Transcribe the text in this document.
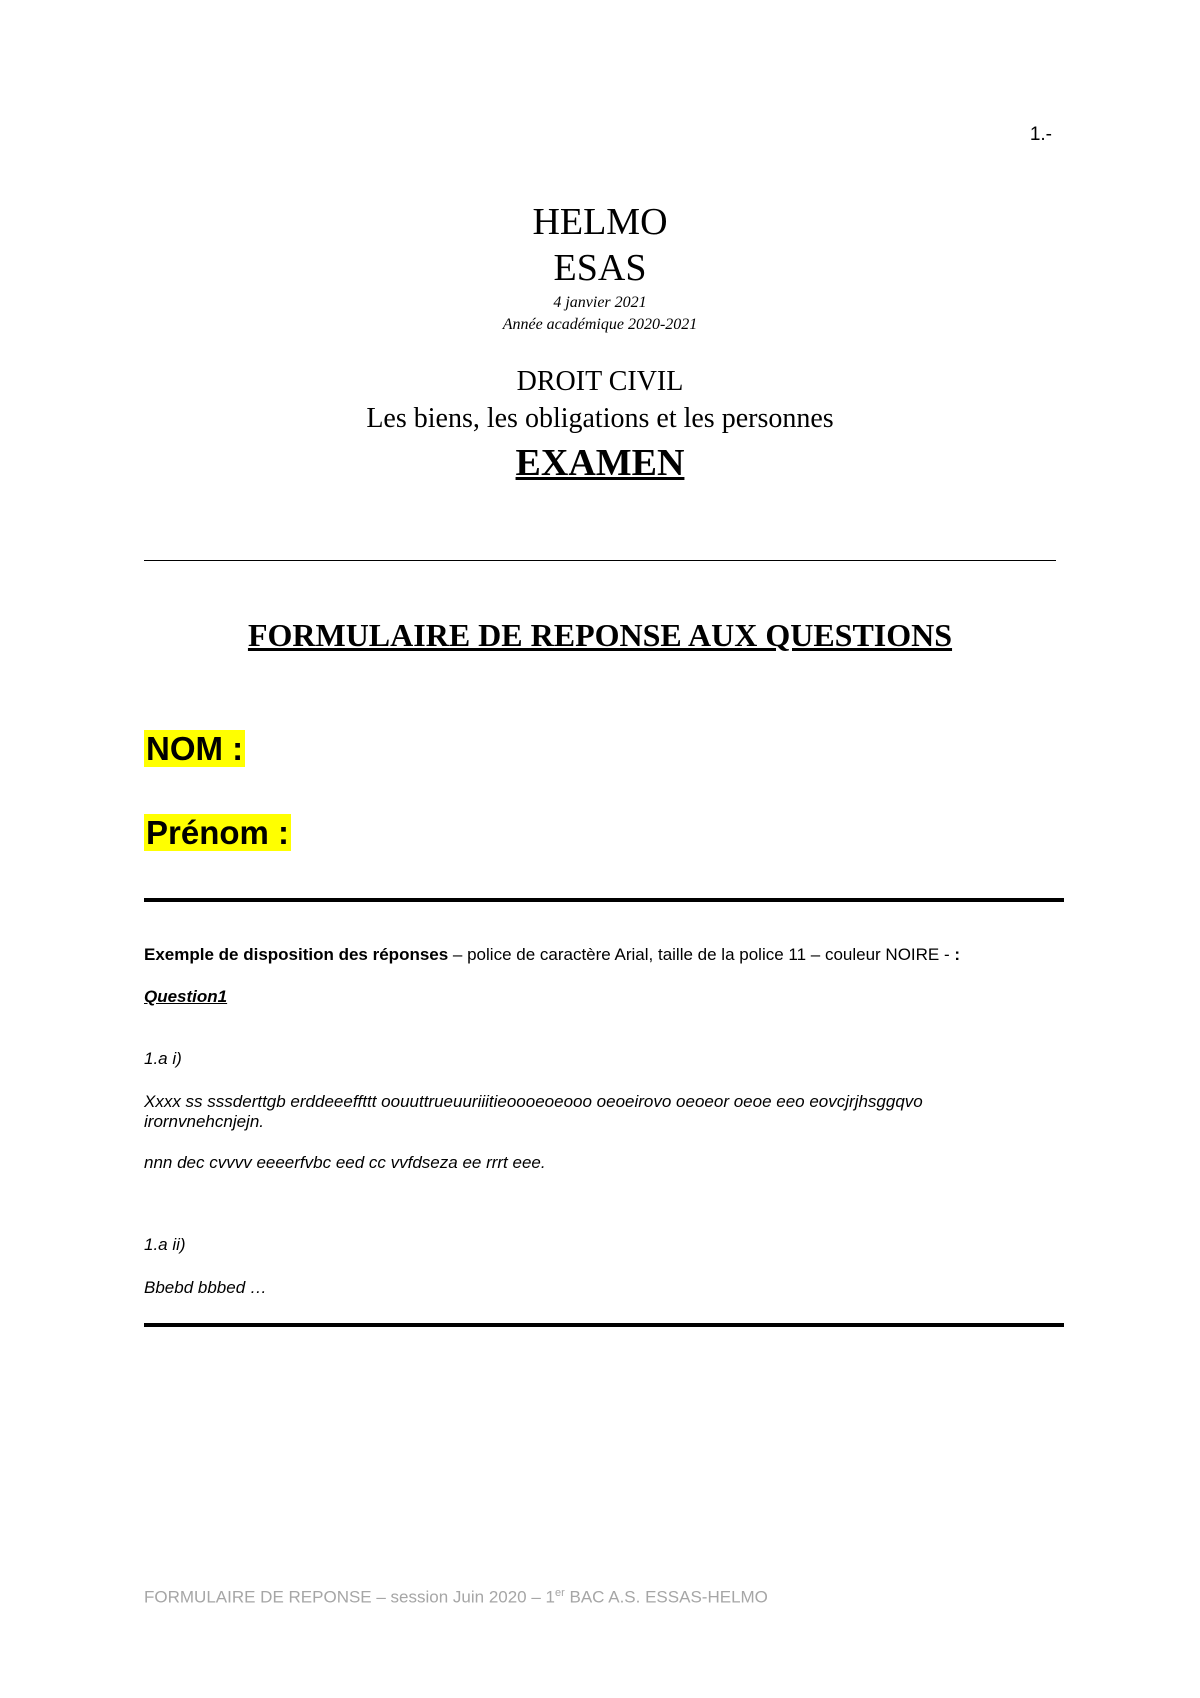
1.-
HELMO
ESAS
4 janvier 2021
Année académique 2020-2021
DROIT CIVIL
Les biens, les obligations et les personnes
EXAMEN
FORMULAIRE DE REPONSE AUX QUESTIONS
NOM :
Prénom :
Exemple de disposition des réponses – police de caractère Arial, taille de la police 11 – couleur NOIRE - :
Question1
1.a i)
Xxxx ss sssderttgb erddeeeffttt oouuttrueuuriiitieoooeoeooo oeoeirovo oeoeor oeoe eeo eovcjrjhsggqvo irornvnehcnjejn.
nnn dec cvvvv eeeerfvbc eed cc vvfdseza ee rrrt eee.
1.a ii)
Bbebd bbbed …
FORMULAIRE DE REPONSE – session Juin 2020 – 1er BAC A.S. ESSAS-HELMO
